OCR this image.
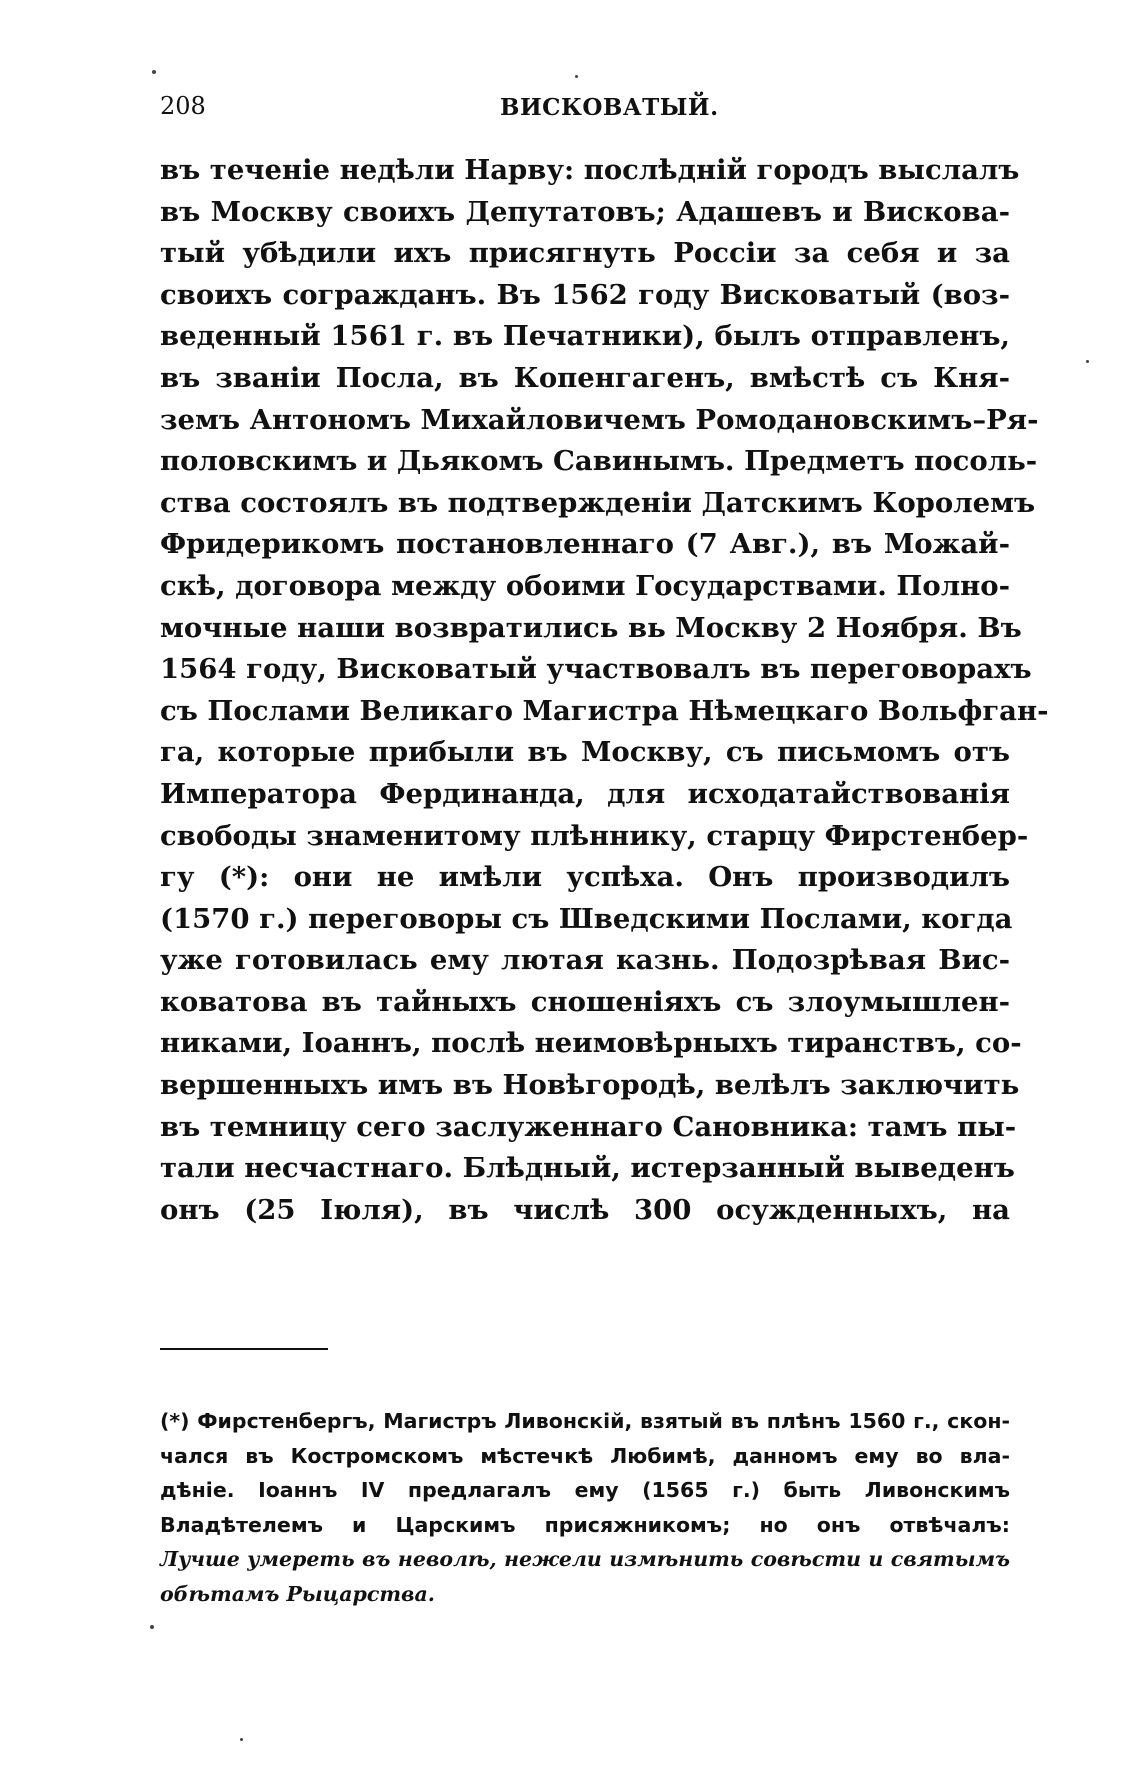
208	ВИСКОВАТЫЙ.
въ теченіе недѣли Нарву: послѣдній городъ выслалъ
въ Москву своихъ Депутатовъ; Адашевъ и Висковa-
тый убѣдили ихъ присягнуть Россіи за себя и за
своихъ согражданъ. Въ 1562 году Висковатый (воз-
веденный 1561 г. въ Печатники), былъ отправленъ,
въ званіи Посла, въ Копенгагенъ, вмѣстѣ съ Кня-
земъ Антономъ Михайловичемъ Ромодановскимъ–Ря-
половскимъ и Дьякомъ Савинымъ. Предметъ посоль-
ства состоялъ въ подтвержденіи Датскимъ Королемъ
Фридерикомъ постановленнаго (7 Авг.), въ Можай-
скѣ, договора между обоими Государствами. Полно-
мочные наши возвратились вь Москву 2 Ноября. Въ
1564 году, Висковатый участвовалъ въ переговорахъ
съ Послами Великаго Магистра Нѣмецкаго Вольфган-
га, которые прибыли въ Москву, съ письмомъ отъ
Императора Фердинанда, для исходатайствованія
свободы знаменитому плѣннику, старцу Фирстенбер-
гу (*): они не имѣли успѣха. Онъ производилъ
(1570 г.) переговоры съ Шведскими Послами, когда
уже готовилась ему лютая казнь. Подозрѣвая Вис-
коватова въ тайныхъ сношеніяхъ съ злоумышлен-
никами, Іоаннъ, послѣ неимовѣрныхъ тиранствъ, со-
вершенныхъ имъ въ Новѣгородѣ, велѣлъ заключить
въ темницу сего заслуженнаго Сановника: тамъ пы-
тали несчастнаго. Блѣдный, истерзанный выведенъ
онъ (25 Іюля), въ числѣ 300 осужденныхъ, на
(*) Фирстенбергъ, Магистръ Ливонскій, взятый въ плѣнъ 1560 г., скон-
чался въ Костромскомъ мѣстечкѣ Любимѣ, данномъ ему во вла-
дѣніе. Іоаннъ IV предлагалъ ему (1565 г.) быть Ливонскимъ
Владѣтелемъ и Царскимъ присяжникомъ; но онъ отвѣчалъ:
Лучше умереть въ неволѣ, нежели измѣнить совѣсти и святымъ
обѣтамъ Рыцарства.
